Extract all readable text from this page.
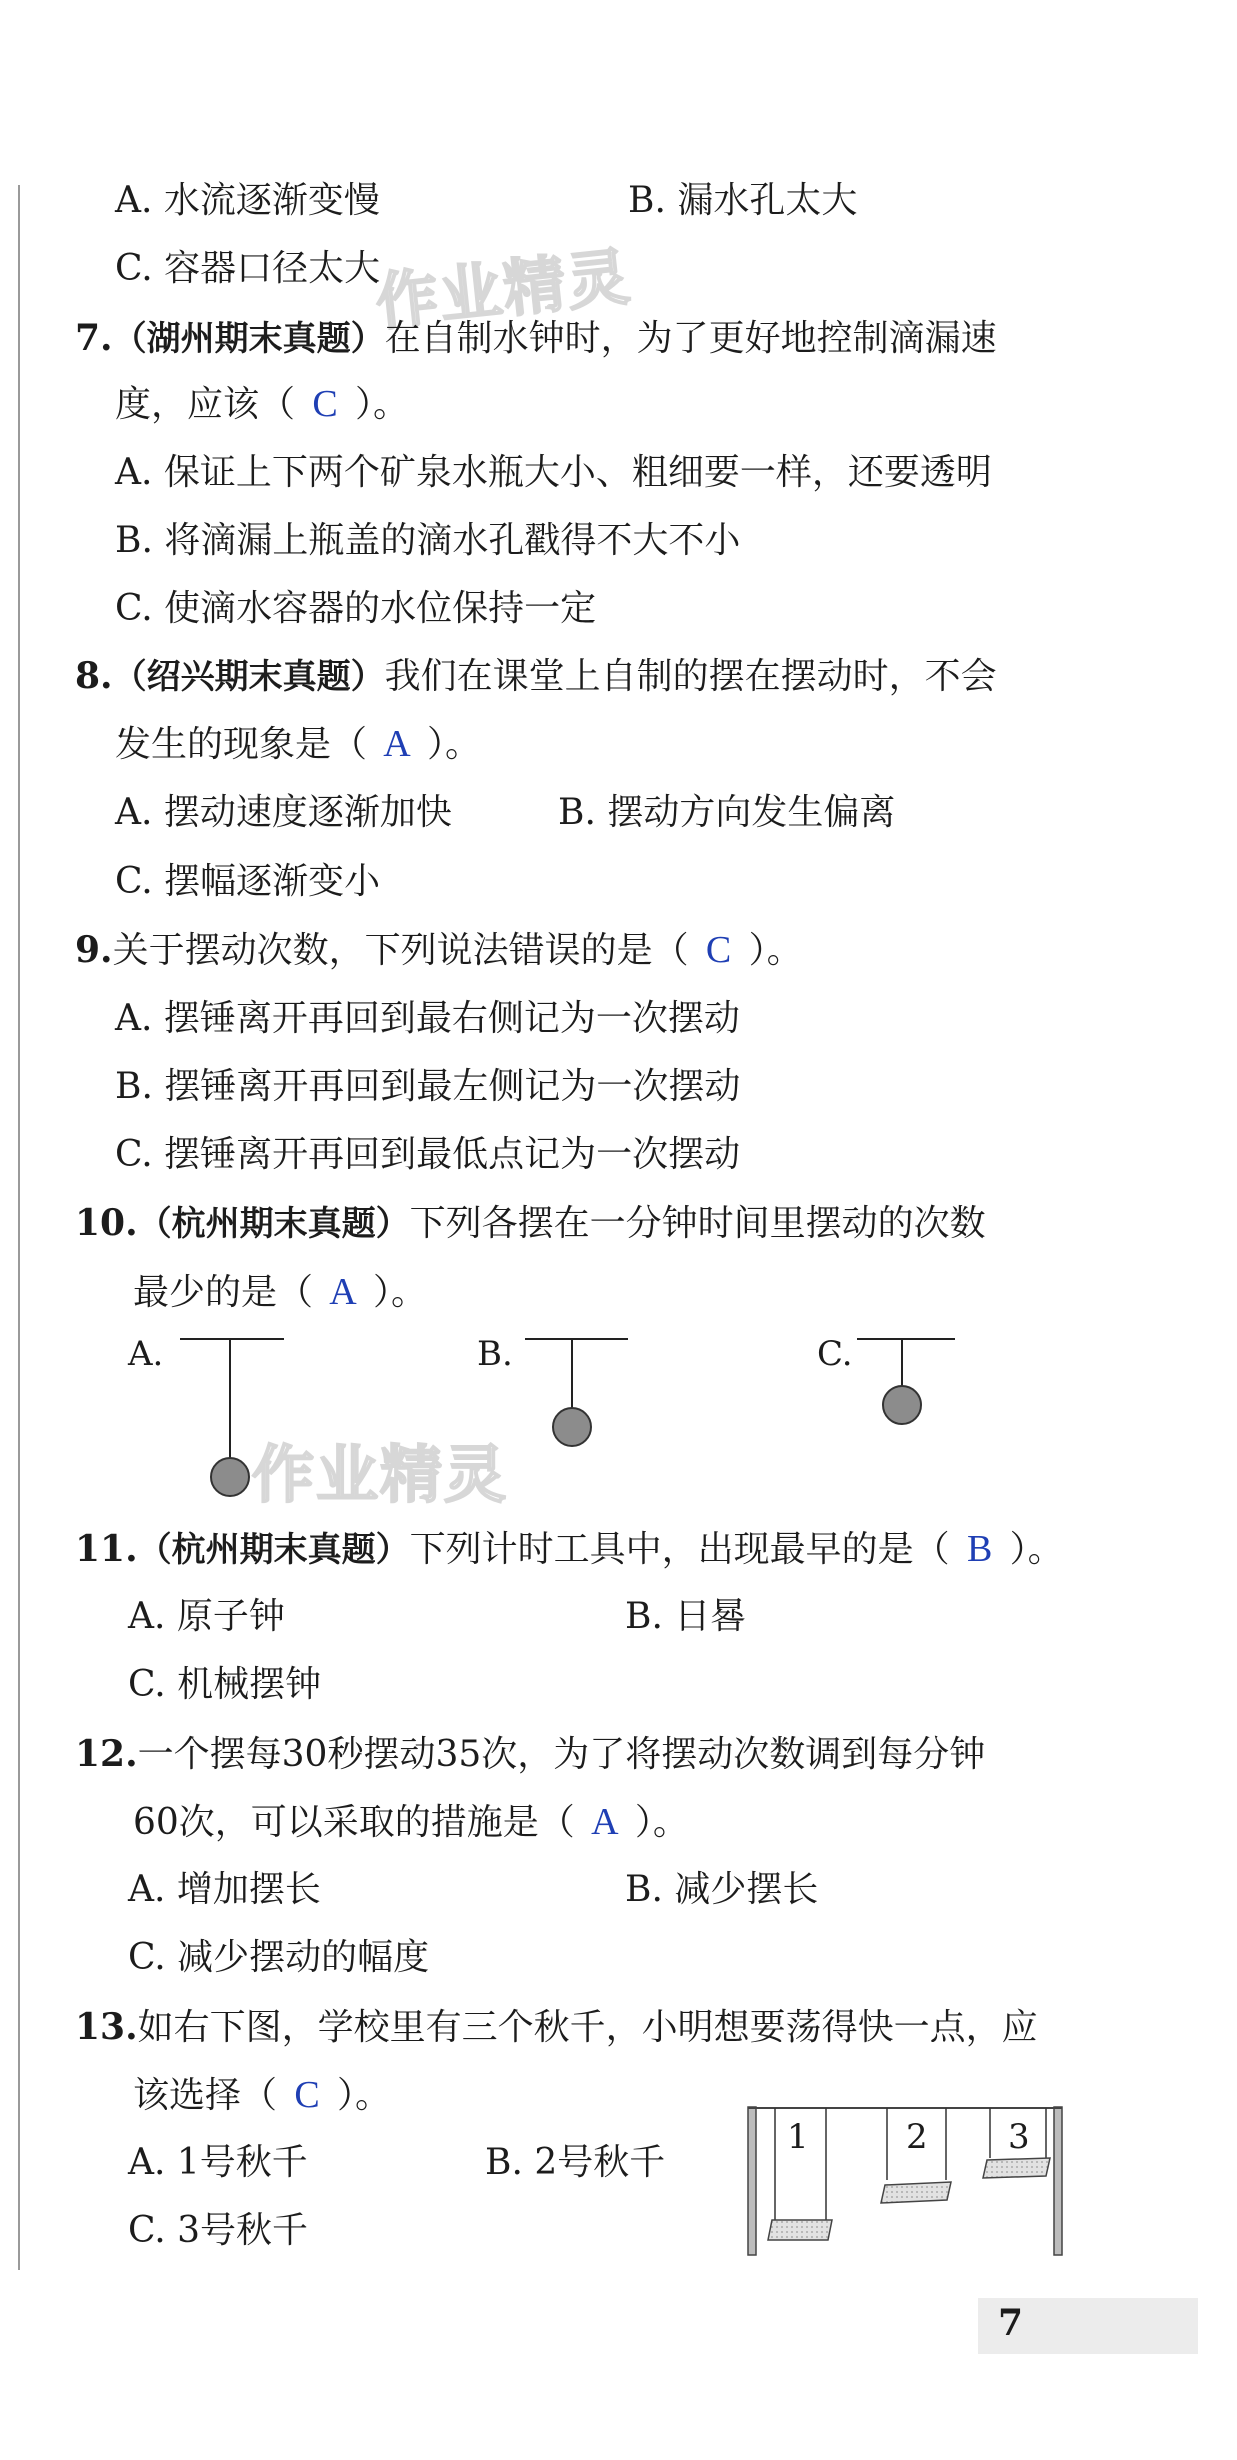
作业精灵
作业精灵
A. 水流逐渐变慢	B. 漏水孔太大
C. 容器口径太大
7.（湖州期末真题）在自制水钟时，为了更好地控制滴漏速
度，应该（ C ）。
A. 保证上下两个矿泉水瓶大小、粗细要一样，还要透明
B. 将滴漏上瓶盖的滴水孔戳得不大不小
C. 使滴水容器的水位保持一定
8.（绍兴期末真题）我们在课堂上自制的摆在摆动时，不会
发生的现象是（ A ）。
A. 摆动速度逐渐加快	B. 摆动方向发生偏离
C. 摆幅逐渐变小
9.关于摆动次数，下列说法错误的是（ C ）。
A. 摆锤离开再回到最右侧记为一次摆动
B. 摆锤离开再回到最左侧记为一次摆动
C. 摆锤离开再回到最低点记为一次摆动
10.（杭州期末真题）下列各摆在一分钟时间里摆动的次数
最少的是（ A ）。
A.	B.	C.
11.（杭州期末真题）下列计时工具中，出现最早的是（ B ）。
A. 原子钟	B. 日晷
C. 机械摆钟
12.一个摆每30秒摆动35次，为了将摆动次数调到每分钟
60次，可以采取的措施是（ A ）。
A. 增加摆长	B. 减少摆长
C. 减少摆动的幅度
13.如右下图，学校里有三个秋千，小明想要荡得快一点，应
该选择（ C ）。
A. 1号秋千	B. 2号秋千
C. 3号秋千
1	2 3
7
